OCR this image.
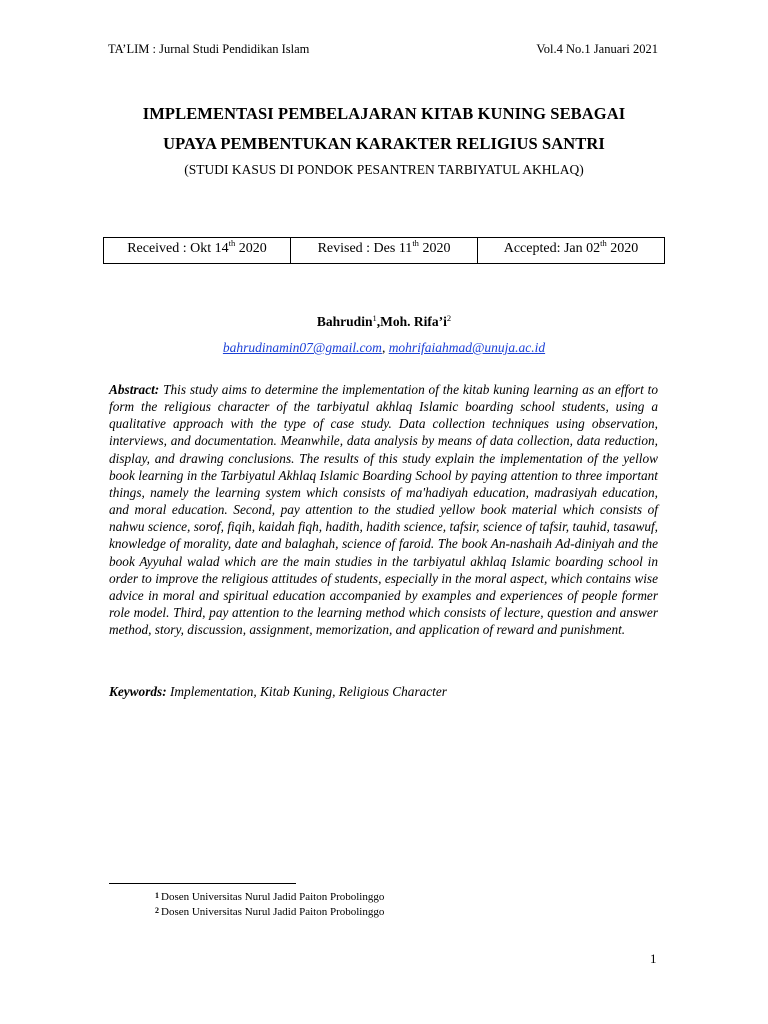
TA’LIM : Jurnal Studi Pendidikan Islam	Vol.4 No.1 Januari 2021
IMPLEMENTASI PEMBELAJARAN KITAB KUNING SEBAGAI
UPAYA PEMBENTUKAN KARAKTER RELIGIUS SANTRI
(STUDI KASUS DI PONDOK PESANTREN TARBIYATUL AKHLAQ)
Received : Okt 14th 2020	Revised : Des 11th 2020	Accepted: Jan 02th 2020
Bahrudin$^1$,Moh. $Rifa’i^2$
bahrudinamin07@gmail.com, mohrifaiahmad@unuja.ac.id
Abstract: This study aims to determine the implementation of the kitab kuning learning as an effort to form the religious character of the tarbiyatul akhlaq Islamic boarding school students, using a qualitative approach with the type of case study. Data collection techniques using observation, interviews, and documentation. Meanwhile, data analysis by means of data collection, data reduction, display, and drawing conclusions. The results of this study explain the implementation of the yellow book learning in the Tarbiyatul Akhlaq Islamic Boarding School by paying attention to three important things, namely the learning system which consists of ma'hadiyah education, madrasiyah education, and moral education. Second, pay attention to the studied yellow book material which consists of nahwu science, sorof, fiqih, kaidah fiqh, hadith, hadith science, tafsir, science of tafsir, tauhid, tasawuf, knowledge of morality, date and balaghah, science of faroid. The book An-nashaih Ad-diniyah and the book Ayyuhal walad which are the main studies in the tarbiyatul akhlaq Islamic boarding school in order to improve the religious attitudes of students, especially in the moral aspect, which contains wise advice in moral and spiritual education accompanied by examples and experiences of people former role model. Third, pay attention to the learning method which consists of lecture, question and answer method, story, discussion, assignment, memorization, and application of reward and punishment.
Keywords: Implementation, Kitab Kuning, Religious Character
$^1$ Dosen Universitas Nurul Jadid Paiton Probolinggo
$^2$ Dosen Universitas Nurul Jadid Paiton Probolinggo
1
